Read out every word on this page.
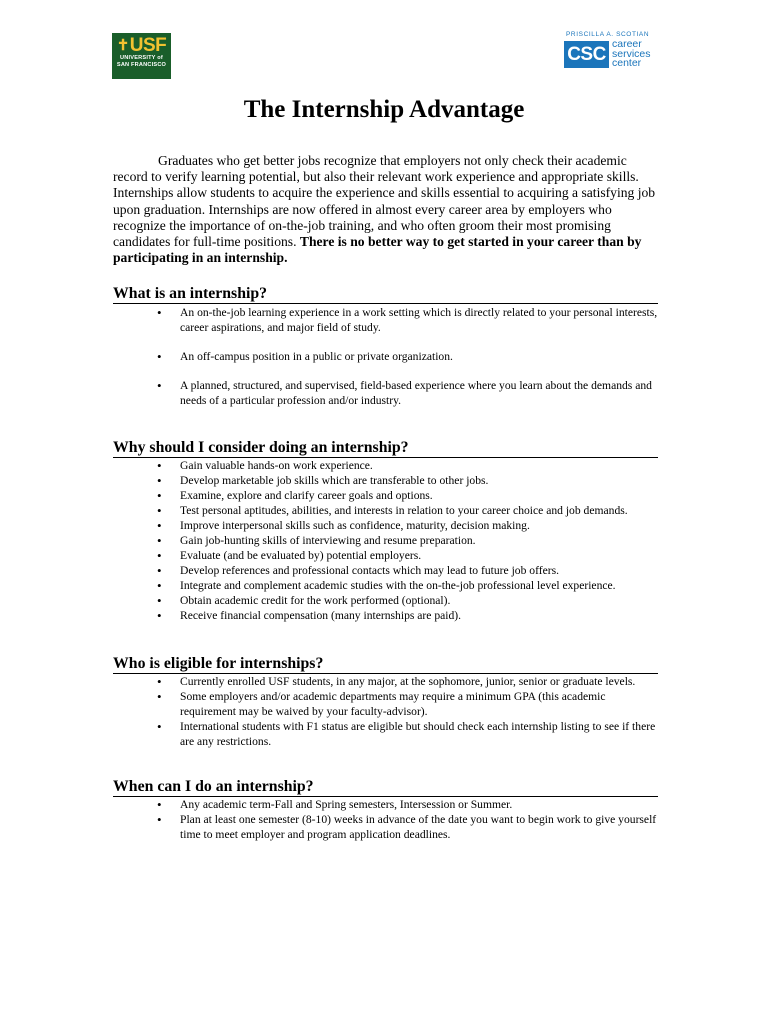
✝USF
UNIVERSITY of
SAN FRANCISCO
PRISCILLA A. SCOTIAN
CSC career
services
center
The Internship Advantage

Graduates who get better jobs recognize that employers not only check their academic record to verify learning potential, but also their relevant work experience and appropriate skills. Internships allow students to acquire the experience and skills essential to acquiring a satisfying job upon graduation. Internships are now offered in almost every career area by employers who recognize the importance of on-the-job training, and who often groom their most promising candidates for full-time positions. There is no better way to get started in your career than by participating in an internship.

What is an internship?
• An on-the-job learning experience in a work setting which is directly related to your personal interests, career aspirations, and major field of study.
• An off-campus position in a public or private organization.
• A planned, structured, and supervised, field-based experience where you learn about the demands and needs of a particular profession and/or industry.
Why should I consider doing an internship?
• Gain valuable hands-on work experience.
• Develop marketable job skills which are transferable to other jobs.
• Examine, explore and clarify career goals and options.
• Test personal aptitudes, abilities, and interests in relation to your career choice and job demands.
• Improve interpersonal skills such as confidence, maturity, decision making.
• Gain job-hunting skills of interviewing and resume preparation.
• Evaluate (and be evaluated by) potential employers.
• Develop references and professional contacts which may lead to future job offers.
• Integrate and complement academic studies with the on-the-job professional level experience.
• Obtain academic credit for the work performed (optional).
• Receive financial compensation (many internships are paid).
Who is eligible for internships?
• Currently enrolled USF students, in any major, at the sophomore, junior, senior or graduate levels.
• Some employers and/or academic departments may require a minimum GPA (this academic requirement may be waived by your faculty-advisor).
• International students with F1 status are eligible but should check each internship listing to see if there are any restrictions.
When can I do an internship?
• Any academic term-Fall and Spring semesters, Intersession or Summer.
• Plan at least one semester (8-10) weeks in advance of the date you want to begin work to give yourself time to meet employer and program application deadlines.
